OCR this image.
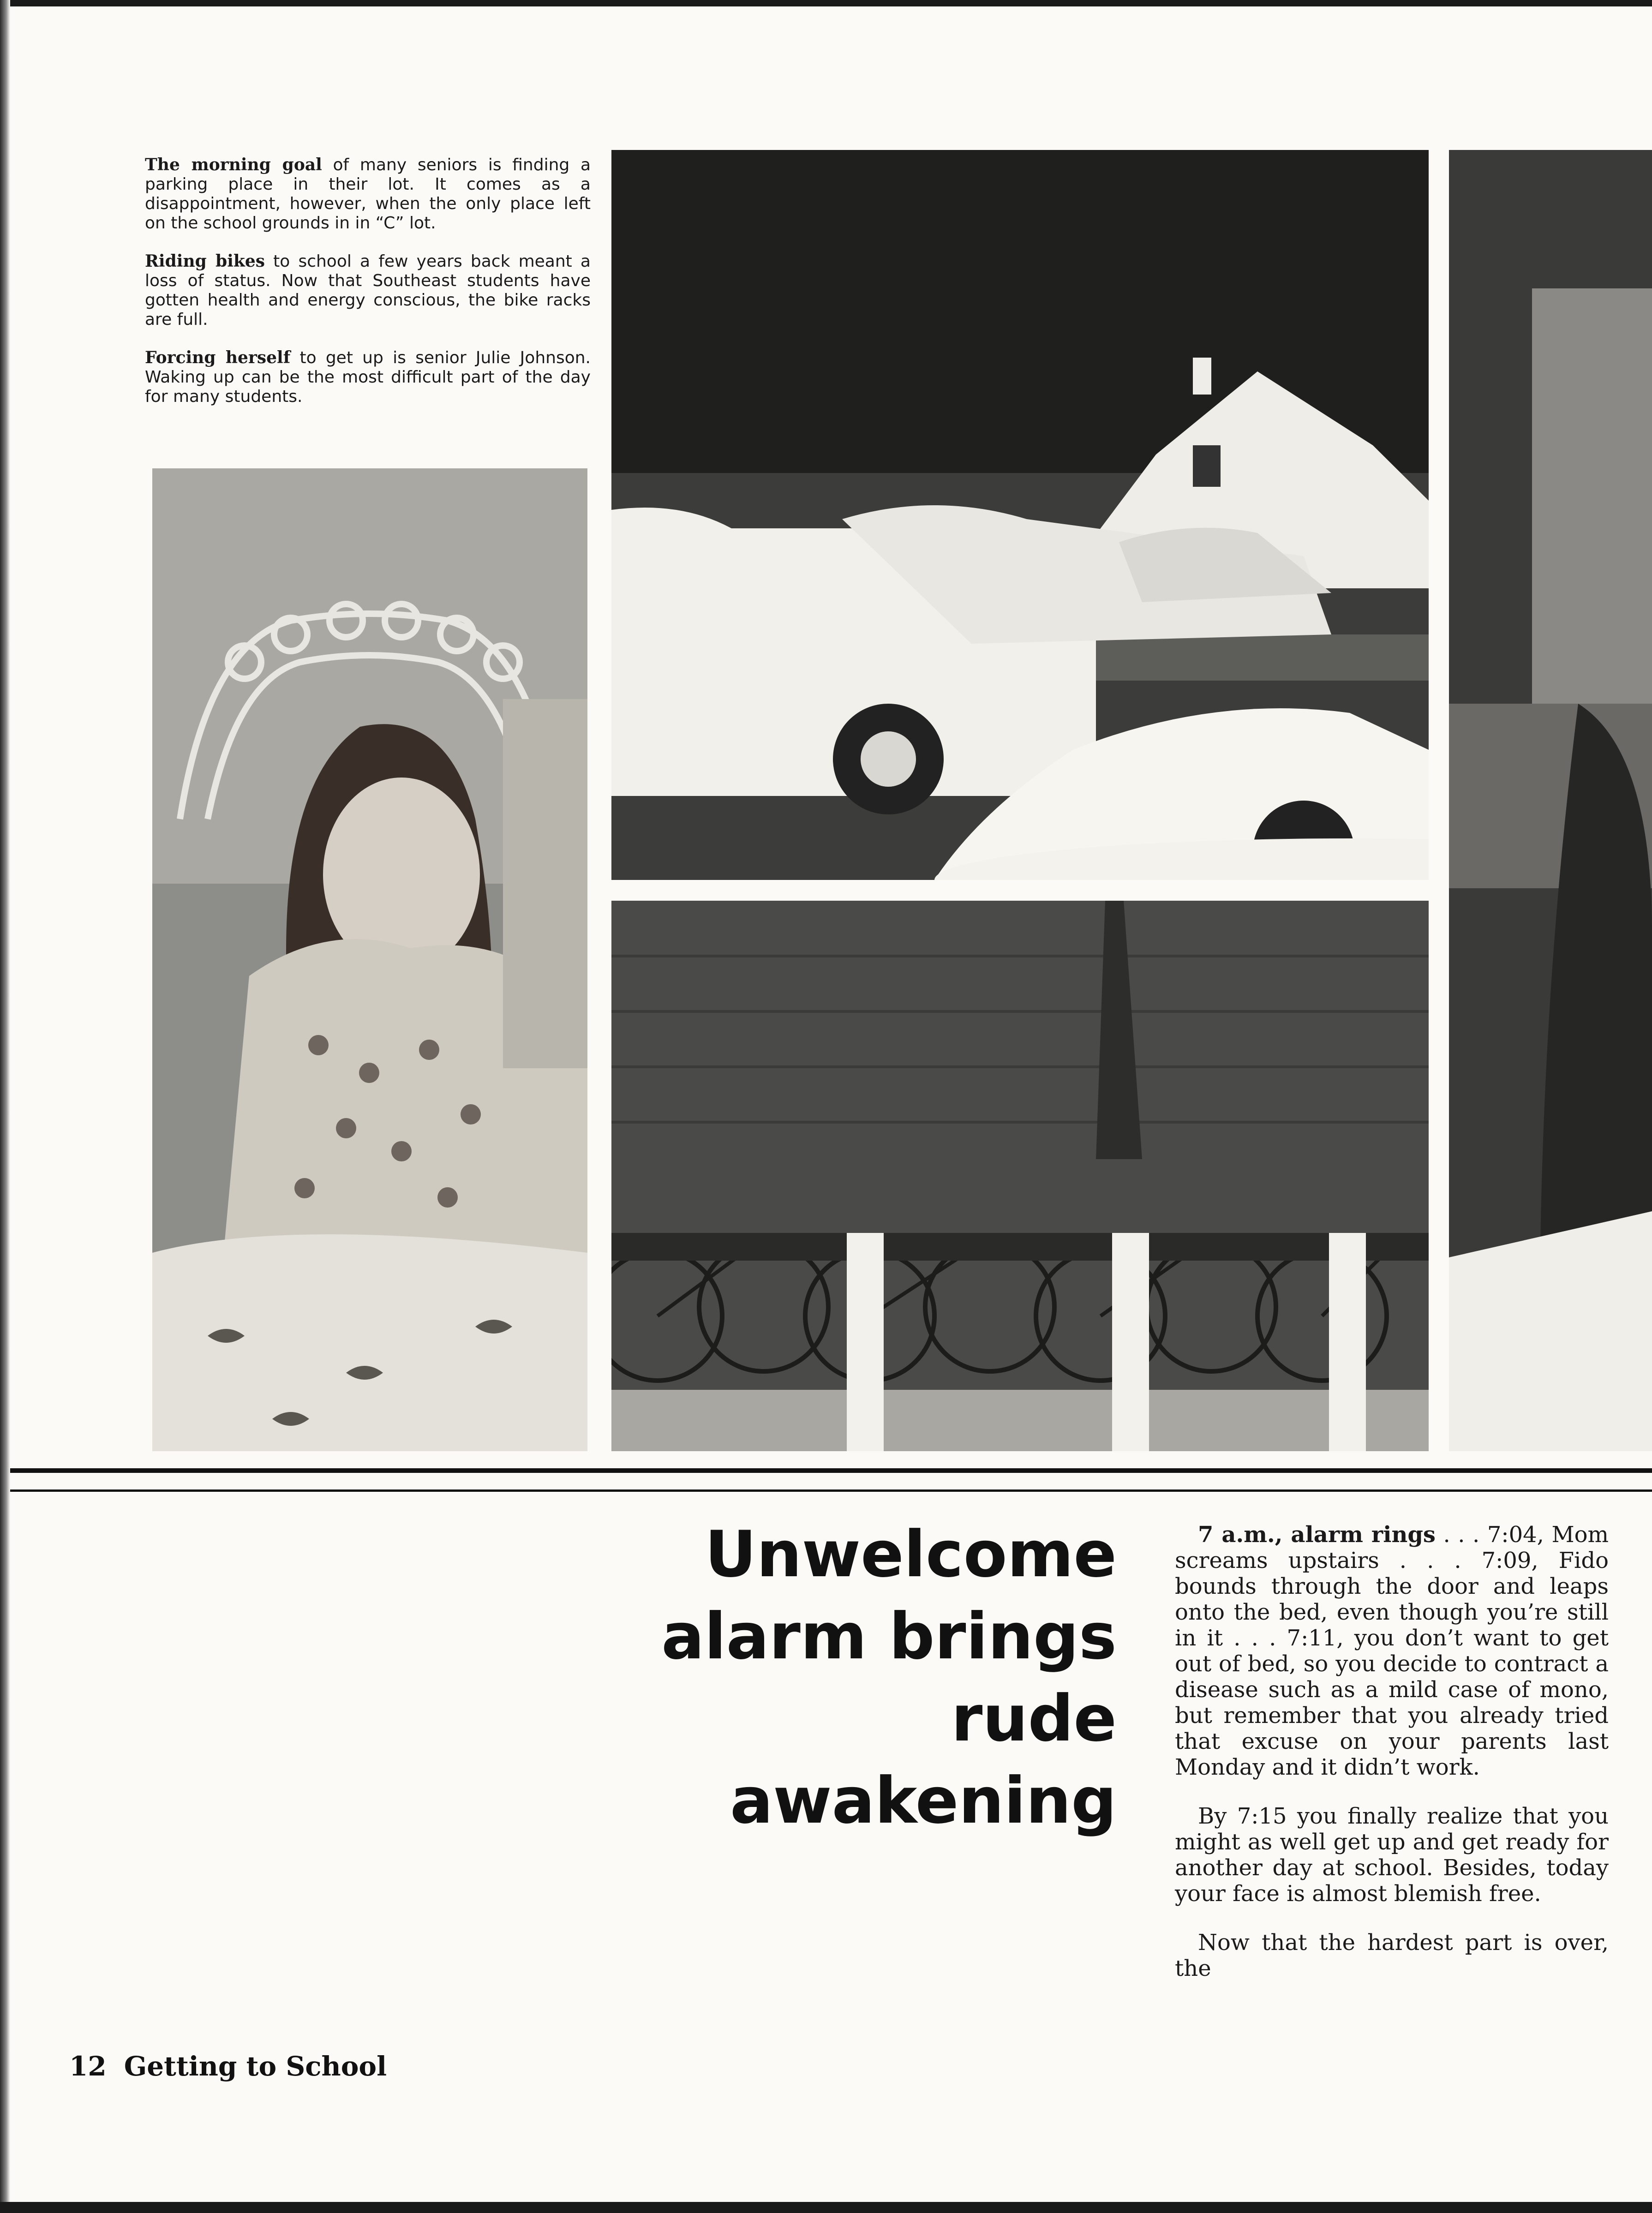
The morning goal of many seniors is finding a parking place in their lot. It comes as a disappointment, however, when the only place left on the school grounds in in “C” lot.

Riding bikes to school a few years back meant a loss of status. Now that Southeast students have gotten health and energy conscious, the bike racks are full.

Forcing herself to get up is senior Julie Johnson. Waking up can be the most difficult part of the day for many students.

Unwelcome
alarm brings
rude awakening

7 a.m., alarm rings . . . 7:04, Mom screams upstairs . . . 7:09, Fido bounds through the door and leaps onto the bed, even though you’re still in it . . . 7:11, you don’t want to get out of bed, so you decide to contract a disease such as a mild case of mono, but remember that you already tried that excuse on your parents last Monday and it didn’t work.

By 7:15 you finally realize that you might as well get up and get ready for another day at school. Besides, today your face is almost blemish free.

Now that the hardest part is over, the

12 Getting to School
